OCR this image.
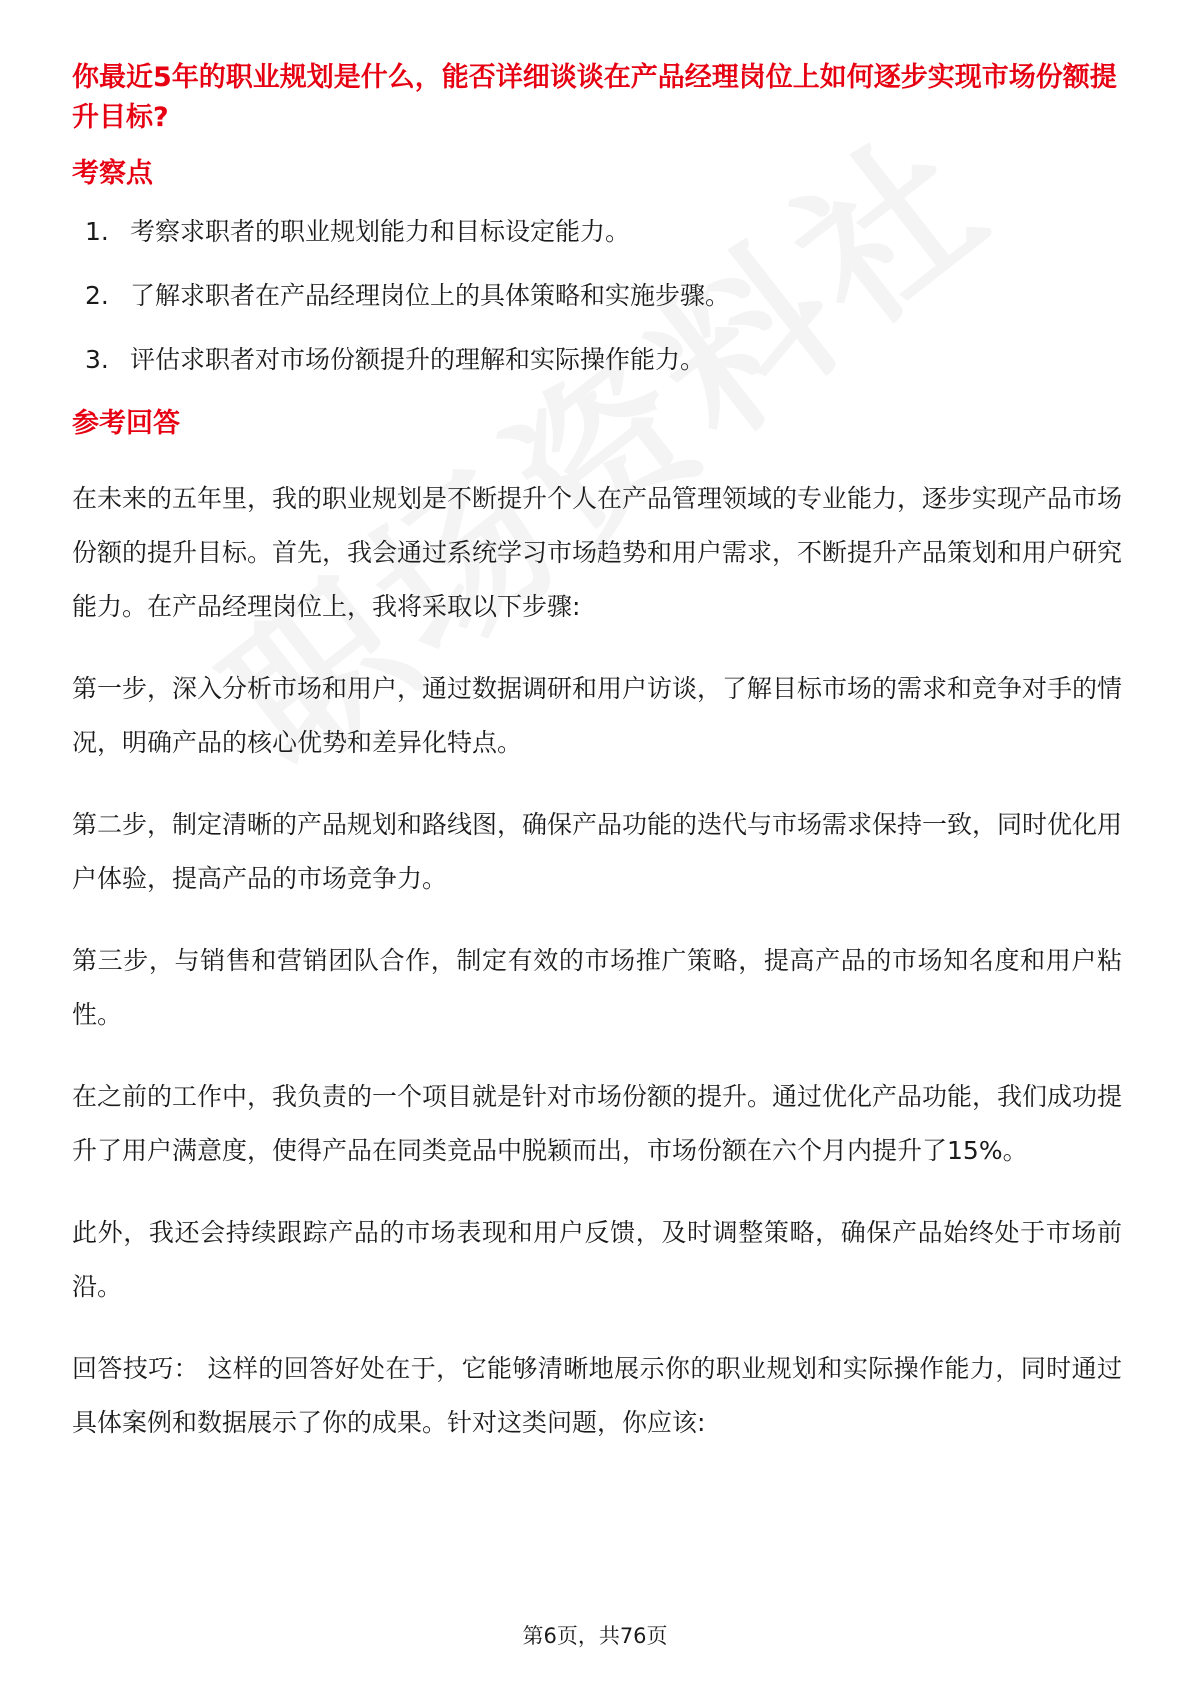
你最近5年的职业规划是什么，能否详细谈谈在产品经理岗位上如何逐步实现市场份额提升目标?
考察点
1. 考察求职者的职业规划能力和目标设定能力。
2. 了解求职者在产品经理岗位上的具体策略和实施步骤。
3. 评估求职者对市场份额提升的理解和实际操作能力。
参考回答

在未来的五年里，我的职业规划是不断提升个人在产品管理领域的专业能力，逐步实现产品市场份额的提升目标。首先，我会通过系统学习市场趋势和用户需求，不断提升产品策划和用户研究能力。在产品经理岗位上，我将采取以下步骤:

第一步，深入分析市场和用户，通过数据调研和用户访谈，了解目标市场的需求和竞争对手的情况，明确产品的核心优势和差异化特点。

第二步，制定清晰的产品规划和路线图，确保产品功能的迭代与市场需求保持一致，同时优化用户体验，提高产品的市场竞争力。

第三步，与销售和营销团队合作，制定有效的市场推广策略，提高产品的市场知名度和用户粘性。

在之前的工作中，我负责的一个项目就是针对市场份额的提升。通过优化产品功能，我们成功提升了用户满意度，使得产品在同类竞品中脱颖而出，市场份额在六个月内提升了15%。

此外，我还会持续跟踪产品的市场表现和用户反馈，及时调整策略，确保产品始终处于市场前沿。

回答技巧： 这样的回答好处在于，它能够清晰地展示你的职业规划和实际操作能力，同时通过具体案例和数据展示了你的成果。针对这类问题，你应该:

第6页，共76页
